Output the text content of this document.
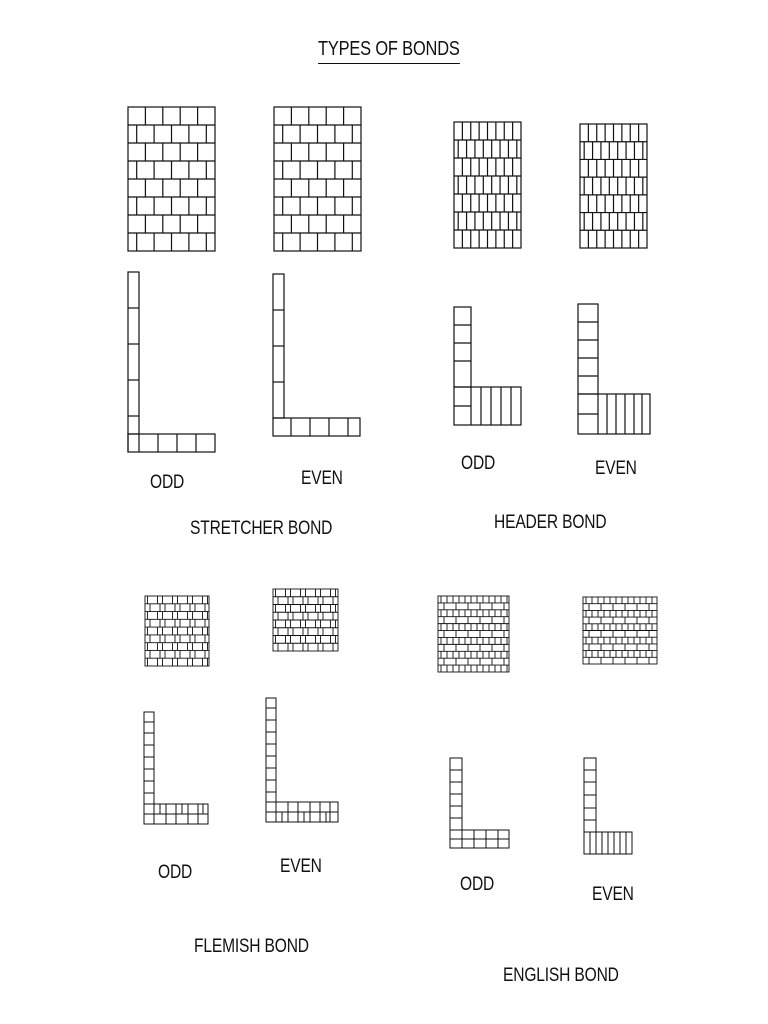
TYPES OF BONDS
ODD	EVEN
STRETCHER BOND
ODD	EVEN
HEADER BOND
ODD	EVEN
FLEMISH BOND
ODD	EVEN
ENGLISH BOND
